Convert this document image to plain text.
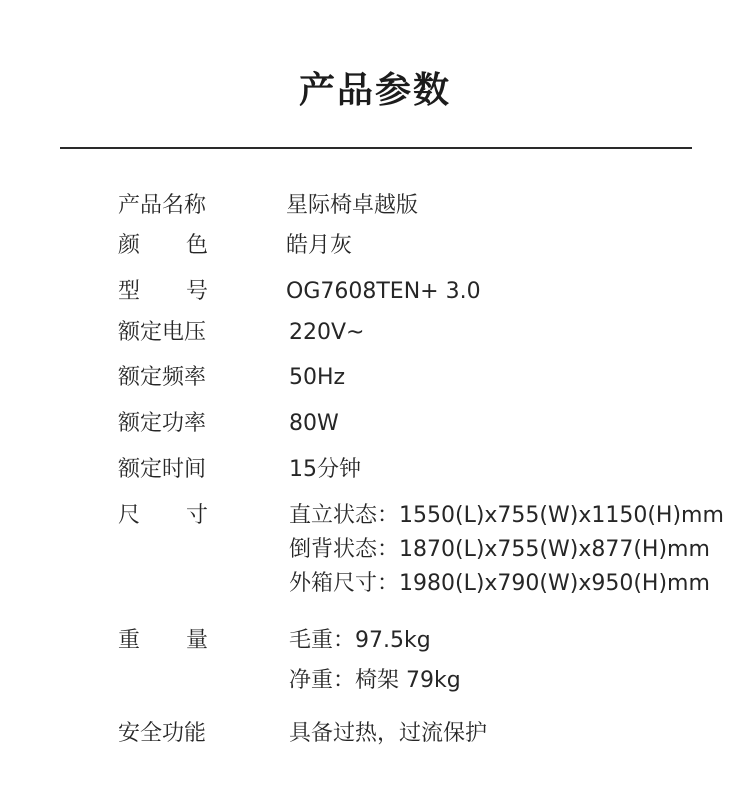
产品参数
产品名称	星际椅卓越版
颜 色	皓月灰
型 号	OG7608TEN+ 3.0
额定电压	220V~
额定频率	50Hz
额定功率	80W
额定时间	15分钟
尺 寸	直立状态：1550(L)x755(W)x1150(H)mm
倒背状态：1870(L)x755(W)x877(H)mm
外箱尺寸：1980(L)x790(W)x950(H)mm
重 量	毛重：97.5kg
净重：椅架 79kg
安全功能	具备过热，过流保护
